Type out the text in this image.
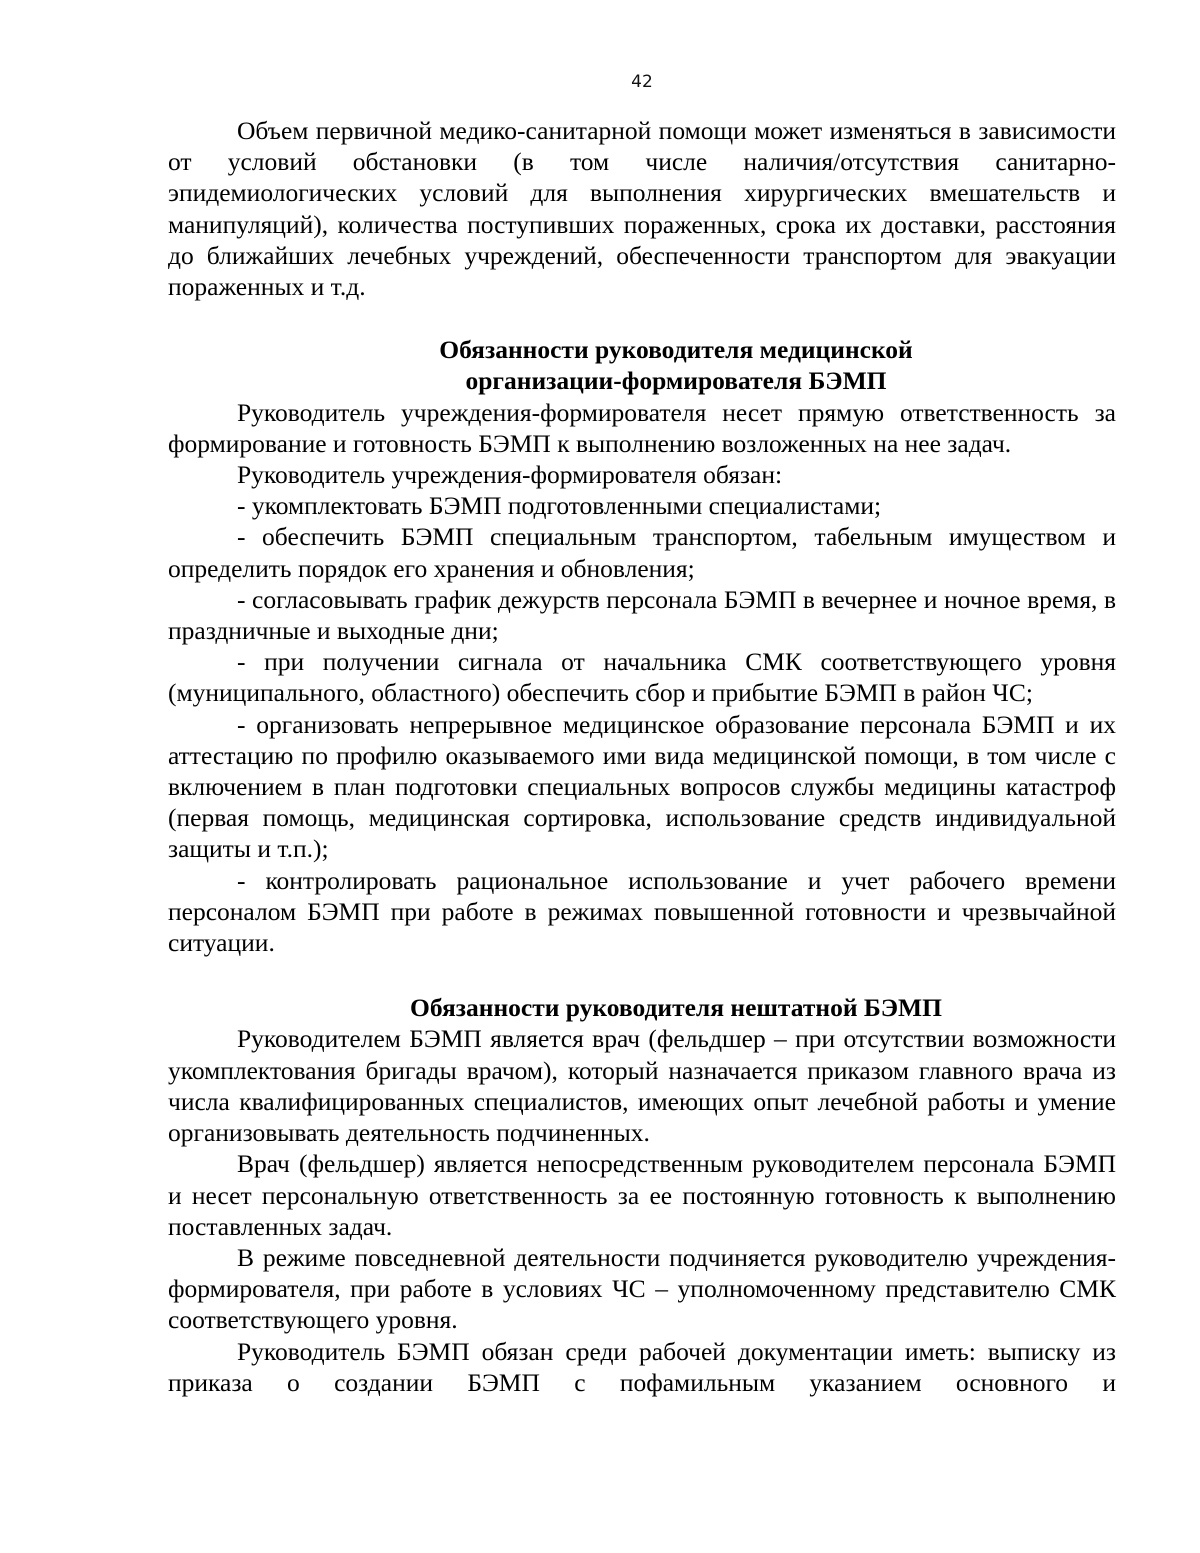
42

Объем первичной медико-санитарной помощи может изменяться в зависимости от условий обстановки (в том числе наличия/отсутствия санитарно-эпидемиологических условий для выполнения хирургических вмешательств и манипуляций), количества поступивших пораженных, срока их доставки, расстояния до ближайших лечебных учреждений, обеспеченности транспортом для эвакуации пораженных и т.д.

Обязанности руководителя медицинской
организации-формирователя БЭМП

Руководитель учреждения-формирователя несет прямую ответственность за формирование и готовность БЭМП к выполнению возложенных на нее задач.

Руководитель учреждения-формирователя обязан:

- укомплектовать БЭМП подготовленными специалистами;

- обеспечить БЭМП специальным транспортом, табельным имуществом и определить порядок его хранения и обновления;

- согласовывать график дежурств персонала БЭМП в вечернее и ночное время, в праздничные и выходные дни;

- при получении сигнала от начальника СМК соответствующего уровня (муниципального, областного) обеспечить сбор и прибытие БЭМП в район ЧС;

- организовать непрерывное медицинское образование персонала БЭМП и их аттестацию по профилю оказываемого ими вида медицинской помощи, в том числе с включением в план подготовки специальных вопросов службы медицины катастроф (первая помощь, медицинская сортировка, использование средств индивидуальной защиты и т.п.);

- контролировать рациональное использование и учет рабочего времени персоналом БЭМП при работе в режимах повышенной готовности и чрезвычайной ситуации.

Обязанности руководителя нештатной БЭМП

Руководителем БЭМП является врач (фельдшер – при отсутствии возможности укомплектования бригады врачом), который назначается приказом главного врача из числа квалифицированных специалистов, имеющих опыт лечебной работы и умение организовывать деятельность подчиненных.

Врач (фельдшер) является непосредственным руководителем персонала БЭМП и несет персональную ответственность за ее постоянную готовность к выполнению поставленных задач.

В режиме повседневной деятельности подчиняется руководителю учреждения-формирователя, при работе в условиях ЧС – уполномоченному представителю СМК соответствующего уровня.

Руководитель БЭМП обязан среди рабочей документации иметь: выписку из приказа о создании БЭМП с пофамильным указанием основного и
